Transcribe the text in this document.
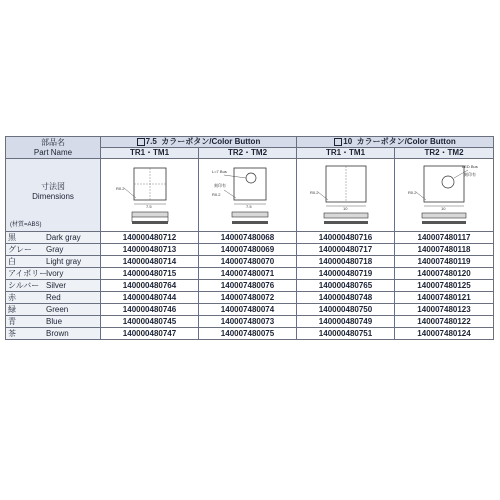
部品名
Part Name	7.5 カラーボタン/Color Button		10 カラーボタン/Color Button	
	TR1・TM1	TR2・TM2	TR1・TM1	TR2・TM2

寸法図
Dimensions
(材質=ABS)	R0.2
7.5	L=7 Bus
刻印有
R0.2
7.5	R0.2
10	LED Bus
刻印有
R0.2
10

黒 Dark gray	140000480712	140007480068	140000480716	140007480117
グレー Gray	140000480713	140007480069	140000480717	140007480118
白 Light gray	140000480714	140007480070	140000480718	140007480119
アイボリーIvory	140000480715	140007480071	140000480719	140007480120
シルバー Silver	140000480764	140007480076	140000480765	140007480125
赤 Red	140000480744	140007480072	140000480748	140007480121
緑 Green	140000480746	140007480074	140000480750	140007480123
青 Blue	140000480745	140007480073	140000480749	140007480122
茶 Brown	140000480747	140007480075	140000480751	140007480124
